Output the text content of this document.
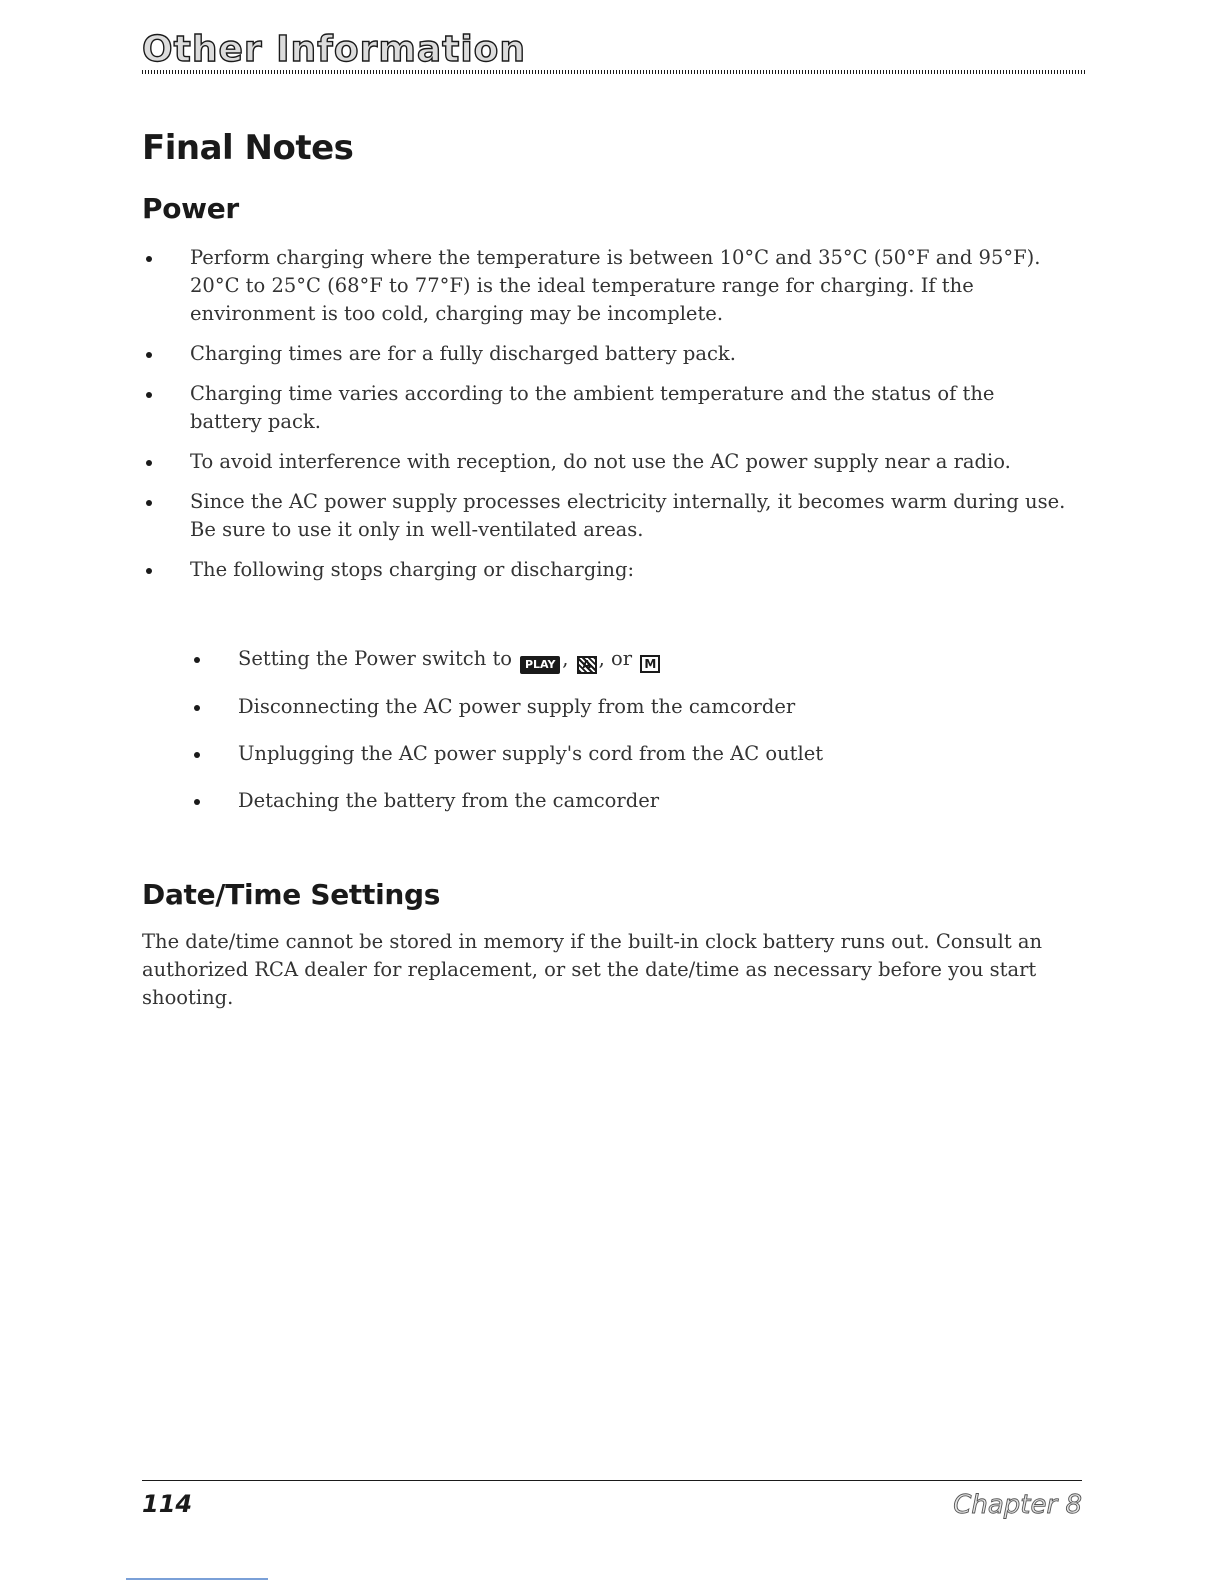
Other Information
Final Notes
Power
Perform charging where the temperature is between 10°C and 35°C (50°F and 95°F). 20°C to 25°C (68°F to 77°F) is the ideal temperature range for charging. If the environment is too cold, charging may be incomplete.
Charging times are for a fully discharged battery pack.
Charging time varies according to the ambient temperature and the status of the battery pack.
To avoid interference with reception, do not use the AC power supply near a radio.
Since the AC power supply processes electricity internally, it becomes warm during use. Be sure to use it only in well-ventilated areas.
The following stops charging or discharging:
Setting the Power switch to PLAY , A , or M
Disconnecting the AC power supply from the camcorder
Unplugging the AC power supply's cord from the AC outlet
Detaching the battery from the camcorder
Date/Time Settings

The date/time cannot be stored in memory if the built-in clock battery runs out. Consult an authorized RCA dealer for replacement, or set the date/time as necessary before you start shooting.

114	Chapter 8
